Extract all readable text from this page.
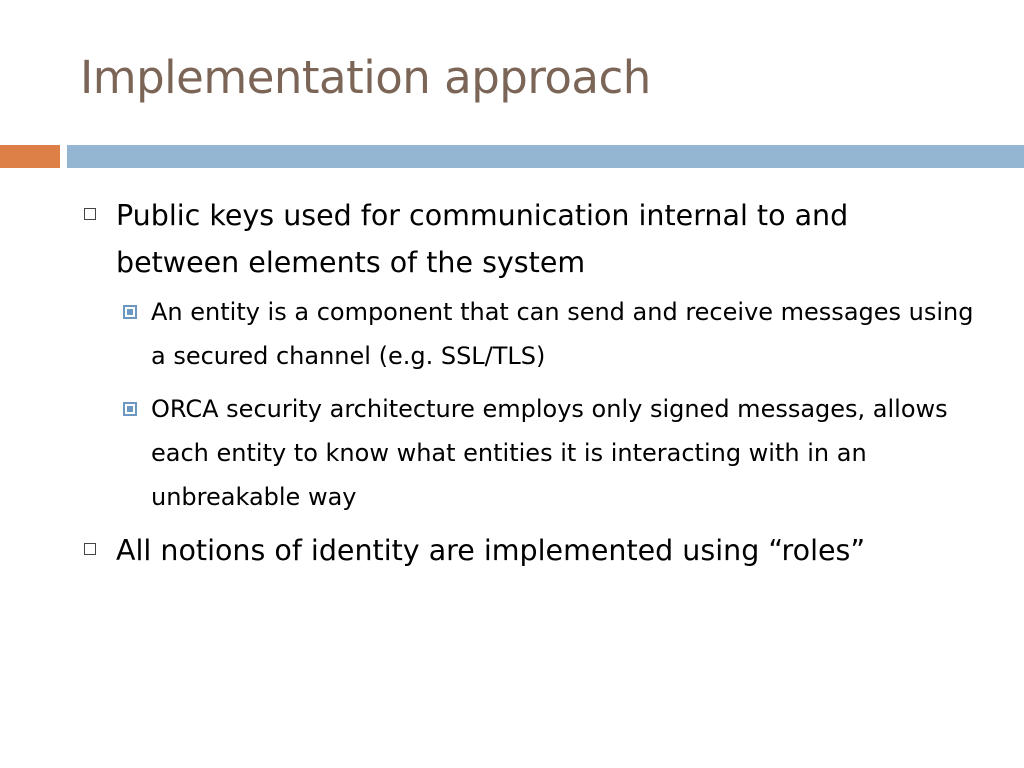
Implementation approach
Public keys used for communication internal to and between elements of the system
An entity is a component that can send and receive messages using a secured channel (e.g. SSL/TLS)
ORCA security architecture employs only signed messages, allows each entity to know what entities it is interacting with in an unbreakable way
All notions of identity are implemented using “roles”
